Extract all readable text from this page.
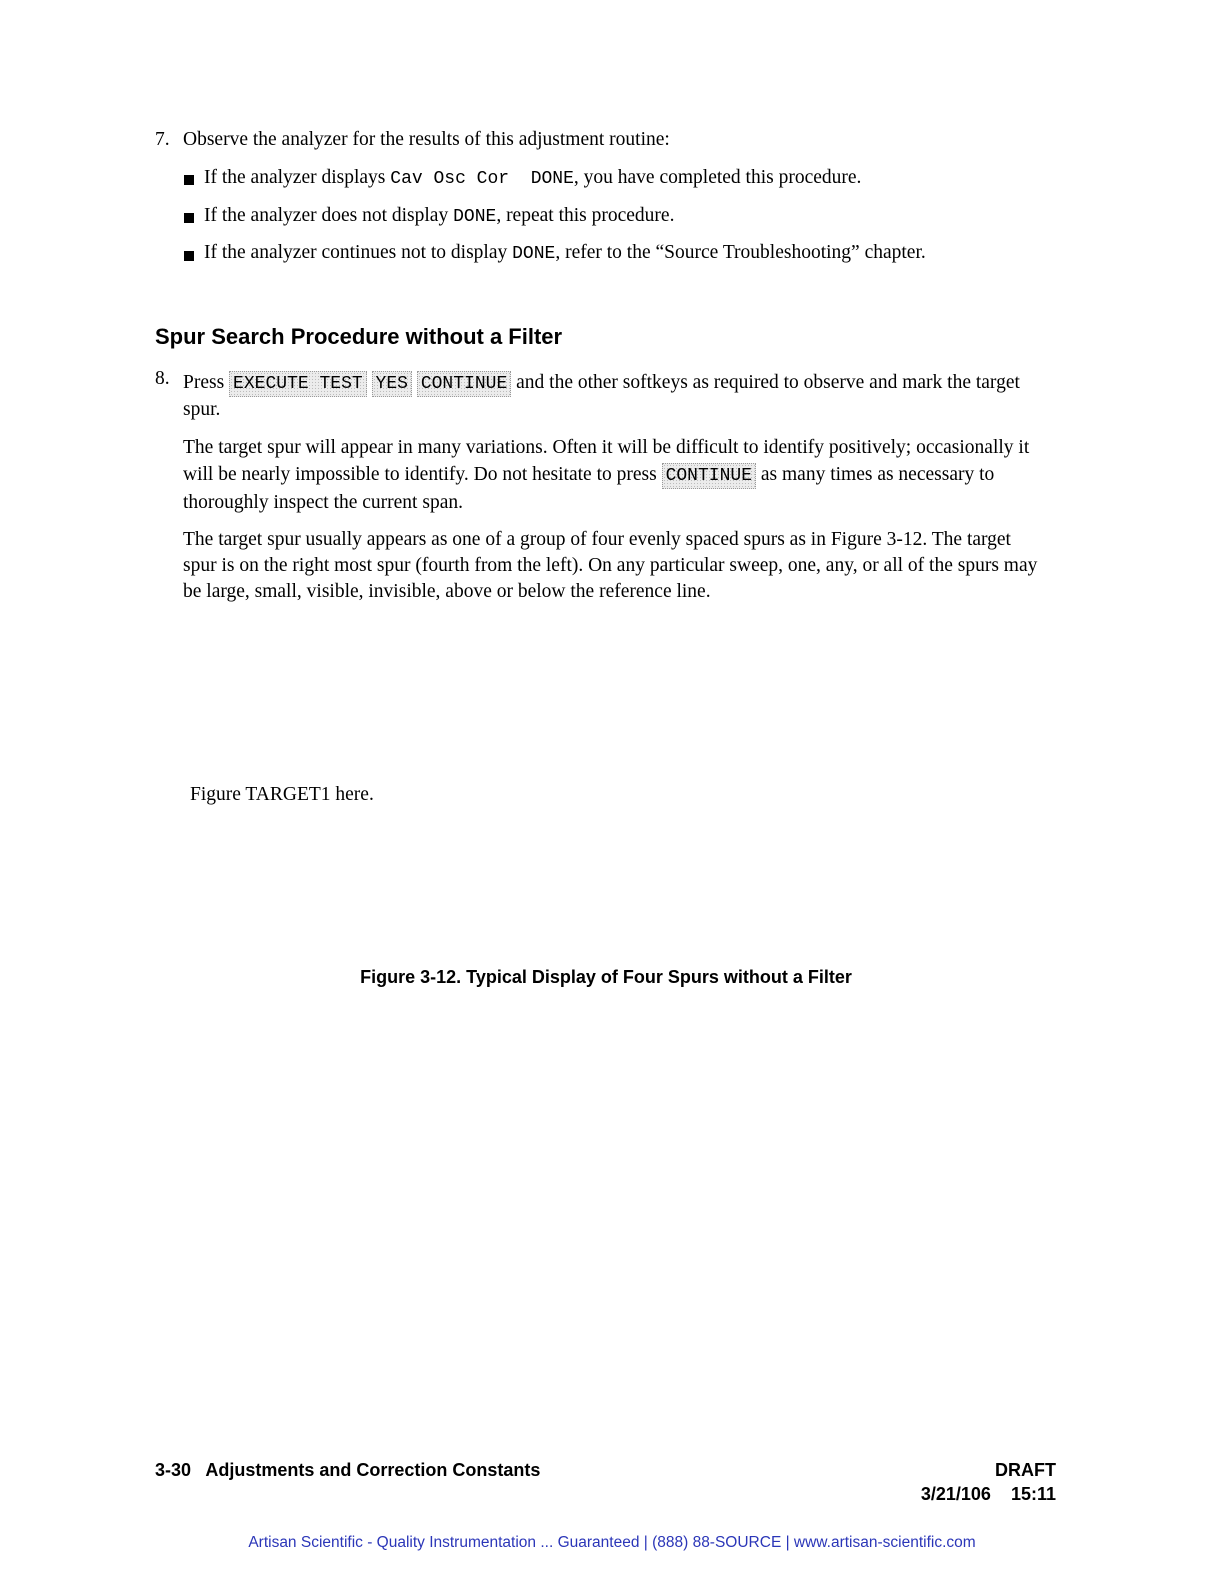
7. Observe the analyzer for the results of this adjustment routine:
If the analyzer displays Cav Osc Cor  DONE, you have completed this procedure.
If the analyzer does not display DONE, repeat this procedure.
If the analyzer continues not to display DONE, refer to the “Source Troubleshooting” chapter.
Spur Search Procedure without a Filter
8. Press EXECUTE TEST YES CONTINUE and the other softkeys as required to observe and mark the target spur.
The target spur will appear in many variations. Often it will be difficult to identify positively; occasionally it will be nearly impossible to identify. Do not hesitate to press CONTINUE as many times as necessary to thoroughly inspect the current span.
The target spur usually appears as one of a group of four evenly spaced spurs as in Figure 3-12. The target spur is on the right most spur (fourth from the left). On any particular sweep, one, any, or all of the spurs may be large, small, visible, invisible, above or below the reference line.
Figure TARGET1 here.
Figure 3-12. Typical Display of Four Spurs without a Filter
3-30   Adjustments and Correction Constants	DRAFT
3/21/106    15:11
Artisan Scientific - Quality Instrumentation ... Guaranteed | (888) 88-SOURCE | www.artisan-scientific.com
